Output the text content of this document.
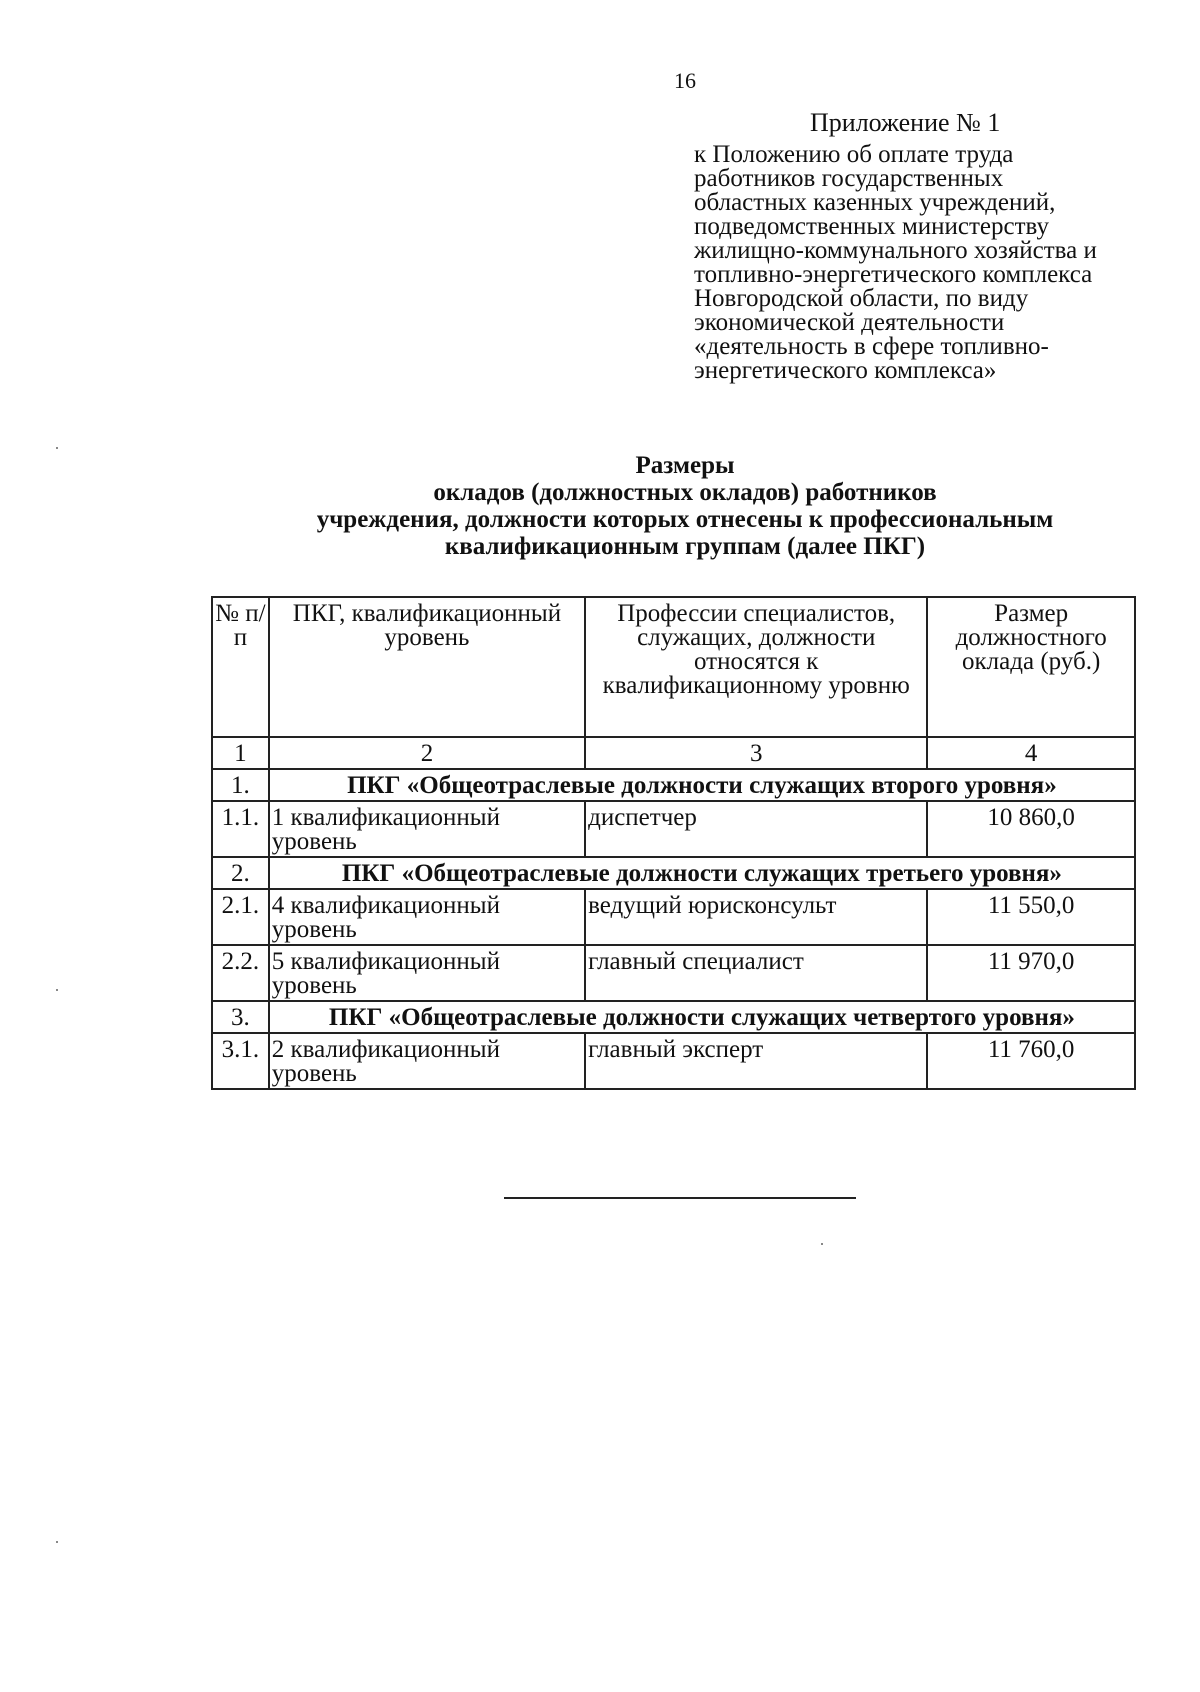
16
Приложение № 1
к Положению об оплате труда
работников государственных
областных казенных учреждений,
подведомственных министерству
жилищно-коммунального хозяйства и
топливно-энергетического комплекса
Новгородской области, по виду
экономической деятельности
«деятельность в сфере топливно-
энергетического комплекса»
Размеры
окладов (должностных окладов) работников
учреждения, должности которых отнесены к профессиональным
квалификационным группам (далее ПКГ)
№ п/п	ПКГ, квалификационный уровень	Профессии специалистов, служащих, должности относятся к квалификационному уровню	Размер должностного оклада (руб.)
1	2	3	4
1.	ПКГ «Общеотраслевые должности служащих второго уровня»		
1.1.	1 квалификационный уровень	диспетчер	10 860,0
2.	ПКГ «Общеотраслевые должности служащих третьего уровня»		
2.1.	4 квалификационный уровень	ведущий юрисконсульт	11 550,0
2.2.	5 квалификационный уровень	главный специалист	11 970,0
3.	ПКГ «Общеотраслевые должности служащих четвертого уровня»		
3.1.	2 квалификационный уровень	главный эксперт	11 760,0
